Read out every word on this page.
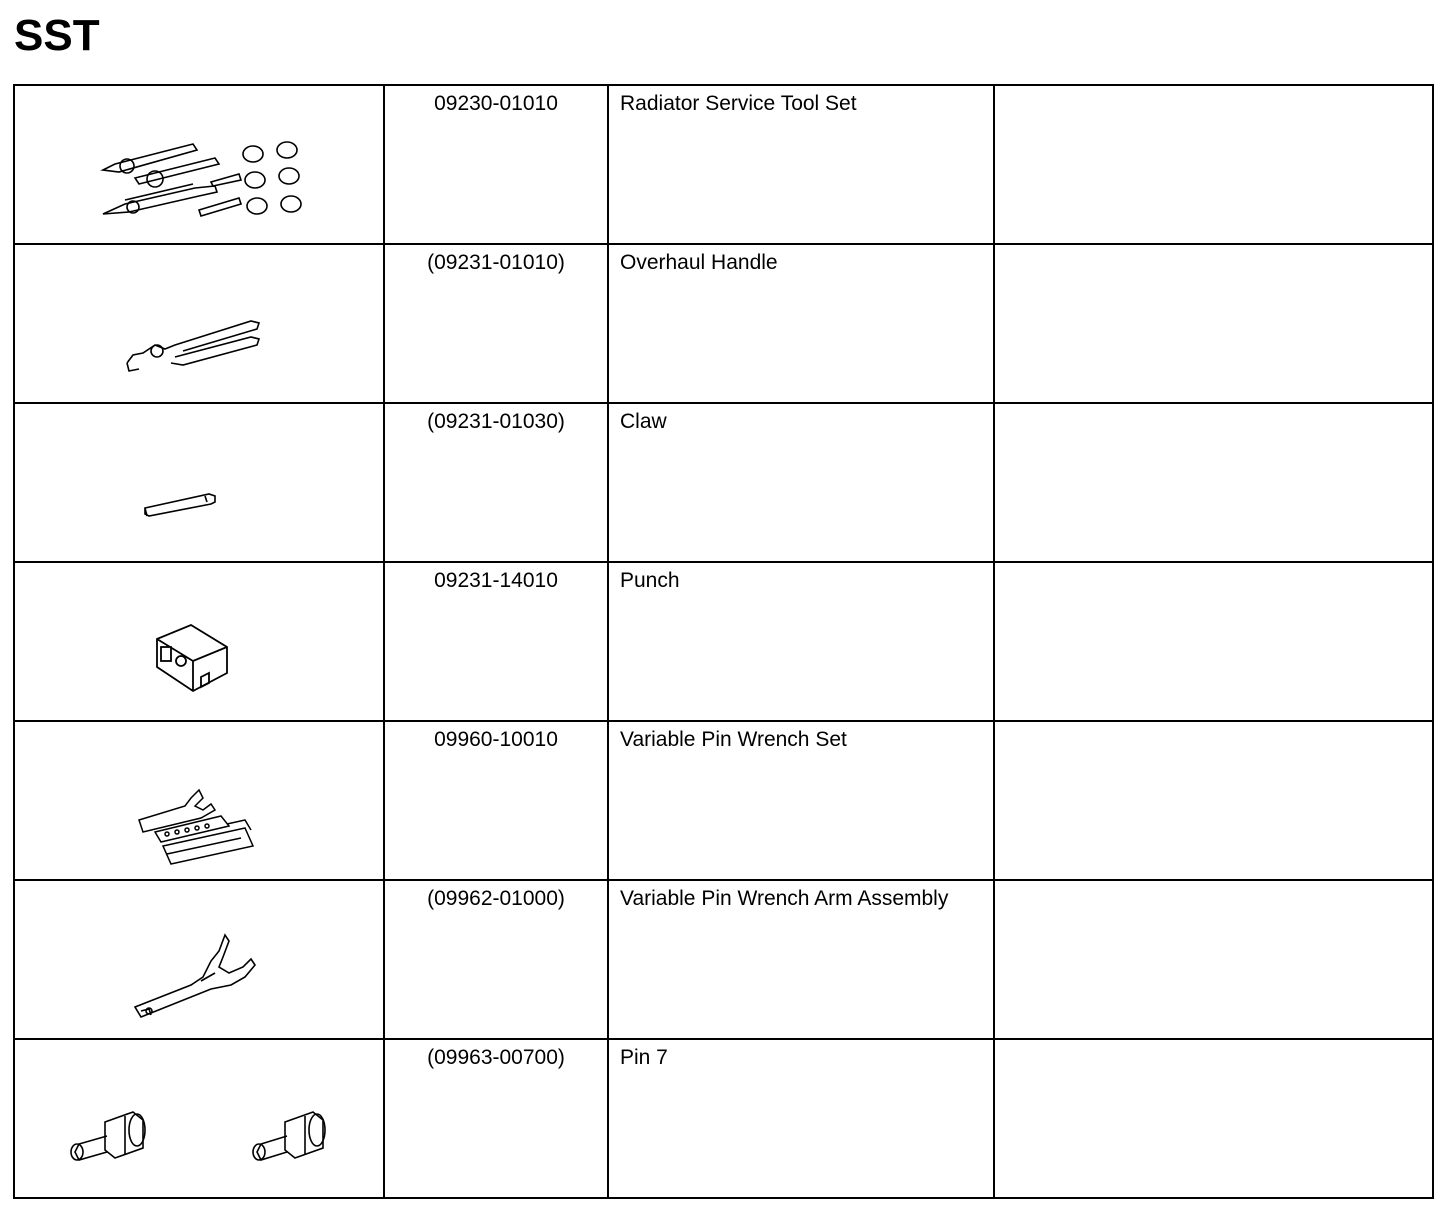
SST

09230-01010	Radiator Service Tool Set	

(09231-01010)	Overhaul Handle	

(09231-01030)	Claw	

09231-14010	Punch	

09960-10010	Variable Pin Wrench Set	

(09962-01000)	Variable Pin Wrench Arm Assembly	

(09963-00700)	Pin 7	
